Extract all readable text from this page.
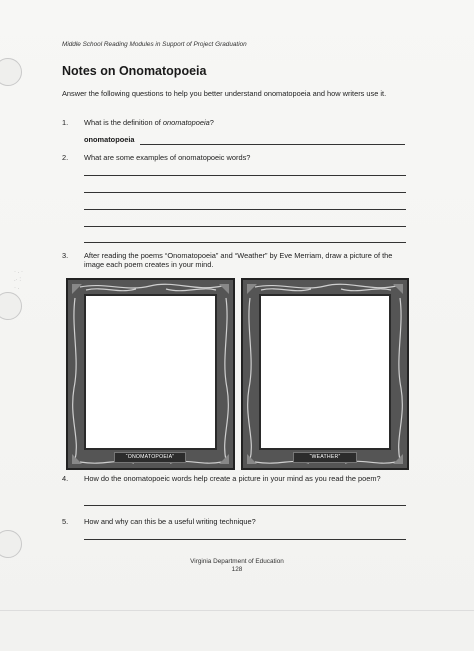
· . ·
.· :
· .
Middle School Reading Modules in Support of Project Graduation
Notes on Onomatopoeia
Answer the following questions to help you better understand onomatopoeia and how writers use it.
1. What is the definition of onomatopoeia?
onomatopoeia
2. What are some examples of onomatopoeic words?
3. After reading the poems “Onomatopoeia” and “Weather” by Eve Merriam, draw a picture of the image each poem creates in your mind.
“ONOMATOPOEIA”	“WEATHER”
4. How do the onomatopoeic words help create a picture in your mind as you read the poem?
5. How and why can this be a useful writing technique?
Virginia Department of Education
128
